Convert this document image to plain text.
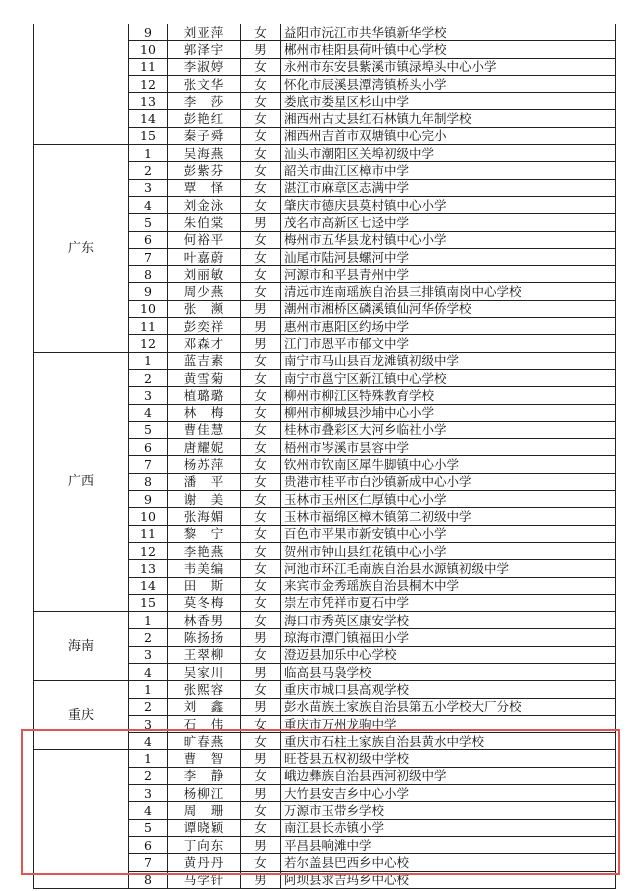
	9	刘亚萍	女	益阳市沅江市共华镇新华学校
	10	郭泽宇	男	郴州市桂阳县荷叶镇中心学校
	11	李淑婷	女	永州市东安县紫溪市镇渌埠头中心小学
	12	张文华	女	怀化市辰溪县潭湾镇桥头小学
	13	李　莎	女	娄底市娄星区杉山中学
	14	彭艳红	女	湘西州古丈县红石林镇九年制学校
	15	秦子舜	女	湘西州吉首市双塘镇中心完小
广东	1	吴海燕	女	汕头市潮阳区关埠初级中学
	2	彭紫芬	女	韶关市曲江区樟市中学
	3	覃　怿	女	湛江市麻章区志满中学
	4	刘金泳	女	肇庆市德庆县莫村镇中心小学
	5	朱伯棠	男	茂名市高新区七迳中学
	6	何裕平	女	梅州市五华县龙村镇中心小学
	7	叶嘉蔚	女	汕尾市陆河县螺河中学
	8	刘丽敏	女	河源市和平县青州中学
	9	周少燕	女	清远市连南瑶族自治县三排镇南岗中心学校
	10	张　濒	男	潮州市湘桥区磷溪镇仙河华侨学校
	11	彭奕祥	男	惠州市惠阳区约场中学
	12	邓森才	男	江门市恩平市郁文中学
广西	1	蓝吉素	女	南宁市马山县百龙滩镇初级中学
	2	黄雪菊	女	南宁市邕宁区新江镇中心学校
	3	植璐璐	女	柳州市柳江区特殊教育学校
	4	林　梅	女	柳州市柳城县沙埔中心小学
	5	曹佳慧	女	桂林市叠彩区大河乡临社小学
	6	唐耀妮	女	梧州市岑溪市昙容中学
	7	杨苏萍	女	钦州市钦南区犀牛脚镇中心小学
	8	潘　平	女	贵港市桂平市白沙镇新成中心小学
	9	谢　美	女	玉林市玉州区仁厚镇中心小学
	10	张海媚	女	玉林市福绵区樟木镇第二初级中学
	11	黎　宁	女	百色市平果市新安镇中心小学
	12	李艳燕	女	贺州市钟山县红花镇中心小学
	13	韦美编	女	河池市环江毛南族自治县水源镇初级中学
	14	田　斯	女	来宾市金秀瑶族自治县桐木中学
	15	莫冬梅	女	崇左市凭祥市夏石中学
海南	1	林香男	女	海口市秀英区康安学校
	2	陈扬扬	男	琼海市潭门镇福田小学
	3	王翠柳	女	澄迈县加乐中心学校
	4	吴家川	男	临高县马袅学校
重庆	1	张熙容	女	重庆市城口县高观学校
	2	刘　鑫	男	彭水苗族土家族自治县第五小学校大厂分校
	3	石　伟	女	重庆市万州龙驹中学
	4	旷春燕	女	重庆市石柱土家族自治县黄水中学校
	1	曹　智	男	旺苍县五权初级中学校
	2	李　静	女	峨边彝族自治县西河初级中学
	3	杨柳江	男	大竹县安吉乡中心小学
	4	周　珊	女	万源市玉带乡学校
	5	谭晓颖	女	南江县长赤镇小学
	6	丁向东	男	平昌县响滩中学
	7	黄丹丹	女	若尔盖县巴西乡中心校
	8	马学针	男	阿坝县求吉玛乡中心校
